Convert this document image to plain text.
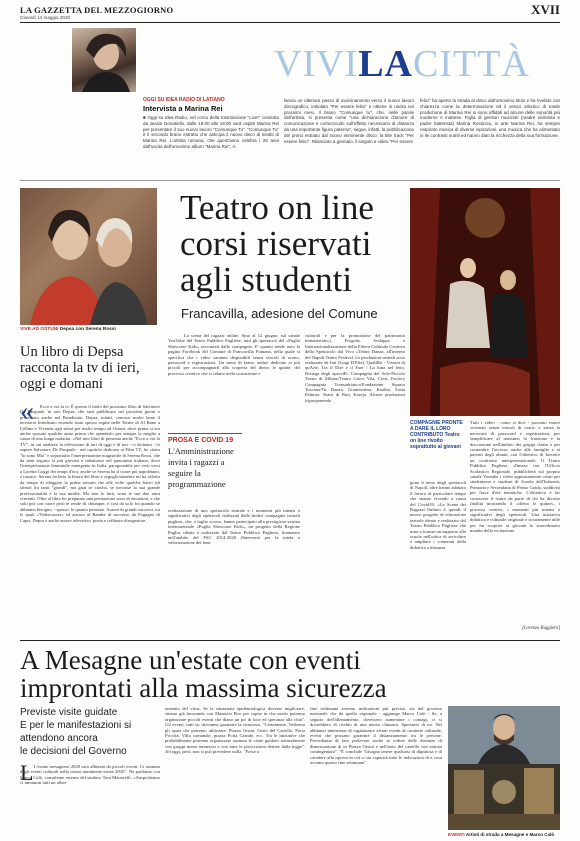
LA GAZZETTA DEL MEZZOGIORNO	XVII
Giovedì 14 maggio 2020
VIVILACITTÀ
OGGI SU IDEA RADIO DI LATIANO
Intervista a Marina Rei
■ Oggi su Idea Radio, nel corso della trasmissione "Live!" condotta da Jessie Donatiello, dalle 16:00 alle 19:00 sarà ospite Marina Rei per presentare il suo nuovo lavoro "Comunque Tu". "Comunque Tu" è il secondo brano estratto che anticipa il nuovo disco di inediti di Marina Rei. L'artista romana, che quest'anno celebra i 25 anni dall'uscita dell'omonimo album "Marina Rei", ri-
lancia un ulteriore passo di avvicinamento verso il nuovo lavoro discografico, intitolato "Per essere felici" e ottiene in uscita nei prossimi mesi. Il brano "Comunque tu", che, nelle parole dell'artista, si presenta come "una dichiarazione d'amore di comunicazione e cortocircuito sull'effetto necessario di distanza da una importante figura paterna", segue, infatti, la pubblicazione del primo estratto dal nuovo imminente disco: la title track "Per essere felici". Rilanciato a gennaio, il singolo e video "Per essere
felici" ha aperto la strada al disco dall'omonimo titolo e ha rivelato con chiarezza come la determinazione ed il senso artistico di totale produzione di Marina Rei si sono affidati ad alcune delle sonorità più moderne e inattese. Figlia di genitori musicisti (madre violinista e padre batterista) Marina Rosticcia, in arte Marina Rei, ha sempre respirato musica di diverse ispirazioni, una musica che ha alimentato in lei contrasti nutriti ed hanno dato la ricchezza della sua formazione.
VIVE AD OSTUNI Depsa con Serena Rossi
Teatro on line
corsi riservati
agli studenti
Francavilla, adesione del Comune
Un libro di Depsa racconta la tv di ieri, oggi e domani
«	Ecco a voi la tv. È questo il titolo del prossimo libro di Salvatore De Pasquale, in arte Depsa, che sarà pubblicato nei prossimi giorni e presentato anche nel Brindisino. Depsa, infatti, conosce molto bene il territorio brindisino essendo stato spesso ospite nelle Terme di Al Bano a Cellino e Vivendo agli stessi per molto tempo ad Ostuni, dove prima si era anche sposato qualche anno prima che spenderlo per sempre la moglie a causa di una lunga malattia. «Nel mio libro di presenta anche "Ecco a voi la TV", in cui analizzo la televisione di ieri di oggi e di ieri - ci dichiara - lo sapore Salvatore De Pasquale - nel capitolo dedicato ai Film TV, ho citato "lo sono Mia" e soprattutto l'interpretazione magistrale di Serena Rossi, che da anni seguito la più giovani e talentuose nel panorama italiano, dove l'interpretazione femminile emergente in Italia, paragonabile per certi versi a Loretta Goggi dei tempi d'oro, anche se Serena ha il cuore più napoletano, e trasuce. Serena ha letto la bozza del libro e orgogliosamente mi ha offerto da tempo di rileggere la prima stesura che alle volte qualche bacio (di stima) fra tanti "grandi", ma guai se carcha, se trovasse la sua grande professionalità e la sua umiltà. Ma non lo farò, sono le sue due armi vincenti. Oltre al libro ho preparato una prestazione sono di emozioni, e che solo poi con cuore però te rende di chiunque, e così da solo fra quando se abbiamo bisogno, - spesso: le quanto pensano. Autore di grandi successi, tra le quali «Videocasser» ed ancora al Bamba di successo da Pogagno di Capri, Depsa è anche autore televisivo, poeta e raffinato disegnatore.
La scena del ragazzi online. Sino al 12 giugno, sul canale YouTube del Teatro Pubblico Pugliese, tutti gli spettacoli del «Puglia Showcase Kids» raccontati dalle compagnie. E' quanto rende noto la pagina Facebook del Comune di Francavilla Fontana, nella quale si specifica che i video saranno disponibili senza vincoli di orario, password e registrazioni. Un mese di teatro online dedicato ai più piccoli per accompagnarli alla scoperta del dietro le quinte, del processo creativo che si celano nella costruzione e
PROSA E COVID 19
L'Amministrazione invita i ragazzi a seguire la programmazione
realizzazione di uno spettacolo teatrale e i momenti più intensi e significativi degli spettacoli realizzati dalle dodici compagnie teatrali pugliesi, che, a luglio scorso, hanno partecipato alla prestigiosa vetrina internazionale «Puglia Showcase Kids», un progetto della Regione Puglia, ideato e realizzato dal Teatro Pubblico Pugliese, finanziato nell'ambito del FSC 2014-2020 (Interventi per la tutela e valorizzazione dei beni
culturali e per la promozione del patrimonio immateriale»). Progetto Sviluppo e Internazionalizzazione della Filiera Culturale Creativa dello Spettacolo dal Vivo «Teatro Danza, all'interno del Napoli Teatro Festival. Le produzioni teatrali sono realizzate da Inti (Luigi D'Elia), QualiBò - Visioni di quArte, Tra il Dire e il Fare / La luna nel letto, Bottega degli apocriFi, Compagnia del Sole-Piccolo Teatro di Milano/Teatro Gioco Vita, Crest, Factory Compagnia Transadriatica/Fondazione Sipario Toscana/Tir Danza, Granteatrino, Kuziba, Sosta Palmizi, Teatri di Bari, Koreja. Alcune produzioni (riproponendo
COMPAGNIE PRONTE A DARE IL LORO CONTRIBUTO Teatro on line rivolto soprattutto ai giovani
gono il temo degli spettacoli di Napoli, altre hanno adattato il lavoro al particolare tempo che stiamo vivendo a causa del Covid19. «La Scena dei Ragazzi Online» è, quindi, il nuovo progetto di educazione teatrale ideato e realizzato dal Teatro Pubblico Pugliese che mira a fornire un supporto alle scuole nell'ottica di arricchire e ampliare i contenuti della didattica a distanza.
Tutti i video - come si dice - possono essere visionati senza vincoli di orario e senza la necessità di password e registrazioni, per semplificare al massimo la fruizione e la discussione nell'ambito dei gruppi classe e per consentire l'accesso anche alle famiglie e ai parenti degli alunni, con l'obiettivo di favorire un confronto intergenerazionale. Il Teatro Pubblico Pugliese, d'intesa con l'Ufficio Scolastico Regionale, pubblicherà sul proprio canale Youtube i video appositamente creati per studentesse e studenti di Scuola dell'Infanzia, Primaria e Secondaria di Primo Grado, suddivisi per fasce d'età tematiche. L'obiettivo è far conoscere il teatro da parte di chi ha diverse finalità mostrando il «dietro le quinte», i processi creativi, i momenti più intensi e significativi degli spettacoli. Una iniziativa didattica e culturale originale e sicuramente utile per far scoprire ai giovani lo straordinario mondo della recitazione.
[Lorenzo Ruggiero]
A Mesagne un'estate con eventi
improntati alla massima sicurezza
Previste visite guidate
E per le manifestazioni si
attendono ancora
le decisioni del Governo
L L'estate mesagnese 2020 sarà allietata da piccoli eventi. Ci saranno degli eventi culturali nella ormai imminente estate 2020". Ne parliamo con Marco Calò, consulente esterno del sindaco Toni Matarrelli. «Auspichiamo ci immuniti tutti un allen-
tamento del virus. Se la situazione epidemiologica dovesse migliorare, stiamo già lavorando con Maurizio Piro per capire in che modo potremo organizzare piccoli eventi che diano un po' di luce ed speranza alla città". Gli eventi, tutti in, dovranno garantire la sicurezza. "Certamente. Vedremo gli spazi che potremo utilizzare: Piazza Orsini, l'atrio del Castello, Porta Piccola, Villa comunale, piazza Porta Grande, ecc. Tra le iniziative che probabilmente potremo organizzare saranno le visite guidate, naturalmente con gruppi meno numerosi e con tutte le prescrizioni dettate dalla legge". Ad oggi, però, non si può prevedere nulla. "Forse a
fine settimana avremo indicazioni più precise, sia dal governo nazionale che da quello regionale - aggiunge Marco Calò - Se, a seguito dell'allentamento, dovessero aumentare i contagi, ci si dovrebbero di rischio di una nuova chiusura. Speriamo di no. Nei abbiamo intenzione di organizzare alcuni eventi di carattere culturale, eventi che possano garantire il distanziamento tra le persone. Prevediamo di fare prelevare anche in ordine delle distanze di dimostrazione di in Piazza Orsini e nell'atrio del castello con entrata contingentata". "È conclude "bisogna tenere qualsiasi di dignitosa e di carattere alla ripresa in cui ci sia capacità tutte le indicazioni di a cosa avremo questo fine settimana".
EVENTI Artisti di strada a Mesagne e Marco Calò
